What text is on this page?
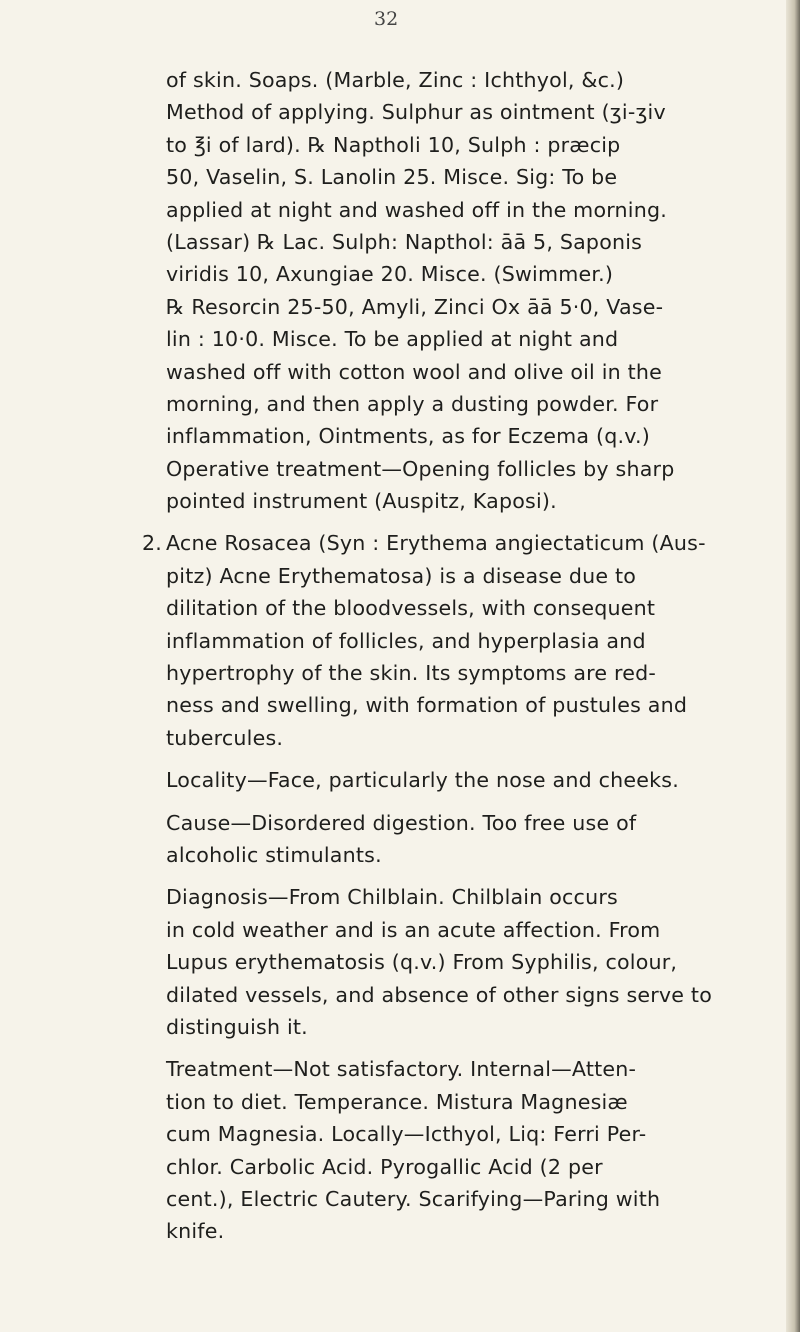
32
of skin. Soaps. (Marble, Zinc : Ichthyol, &c.)
Method of applying. Sulphur as ointment (ʒi-ʒiv
to ℥i of lard). ℞ Naptholi 10, Sulph : præcip
50, Vaselin, S. Lanolin 25. Misce. Sig: To be
applied at night and washed off in the morning.
(Lassar) ℞ Lac. Sulph: Napthol: āā 5, Saponis
viridis 10, Axungiae 20. Misce. (Swimmer.)
℞ Resorcin 25-50, Amyli, Zinci Ox āā 5·0, Vase-
lin : 10·0. Misce. To be applied at night and
washed off with cotton wool and olive oil in the
morning, and then apply a dusting powder. For
inflammation, Ointments, as for Eczema (q.v.)
Operative treatment—Opening follicles by sharp
pointed instrument (Auspitz, Kaposi).
2. Acne Rosacea (Syn : Erythema angiectaticum (Aus-
pitz) Acne Erythematosa) is a disease due to
dilitation of the bloodvessels, with consequent
inflammation of follicles, and hyperplasia and
hypertrophy of the skin. Its symptoms are red-
ness and swelling, with formation of pustules and
tubercules.
Locality—Face, particularly the nose and cheeks.
Cause—Disordered digestion. Too free use of
alcoholic stimulants.
Diagnosis—From Chilblain. Chilblain occurs
in cold weather and is an acute affection. From
Lupus erythematosis (q.v.) From Syphilis, colour,
dilated vessels, and absence of other signs serve to
distinguish it.
Treatment—Not satisfactory. Internal—Atten-
tion to diet. Temperance. Mistura Magnesiæ
cum Magnesia. Locally—Icthyol, Liq: Ferri Per-
chlor. Carbolic Acid. Pyrogallic Acid (2 per
cent.), Electric Cautery. Scarifying—Paring with
knife.
